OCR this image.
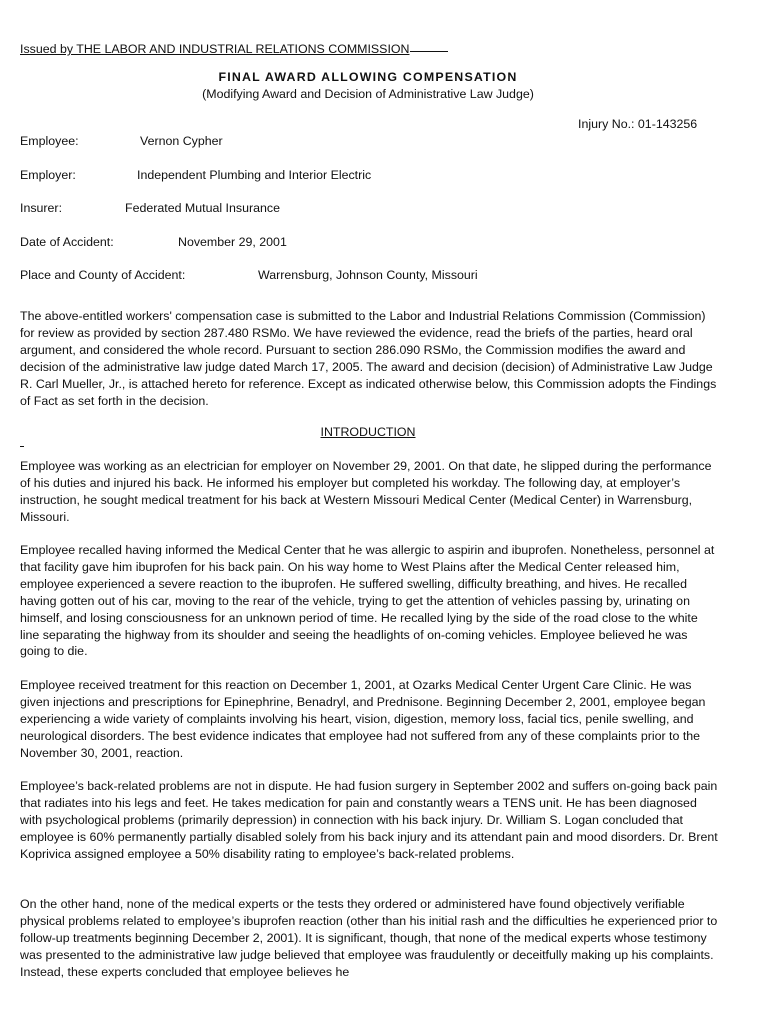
Issued by THE LABOR AND INDUSTRIAL RELATIONS COMMISSION
FINAL AWARD ALLOWING COMPENSATION
(Modifying Award and Decision of Administrative Law Judge)
Injury No.: 01-143256
Employee:	Vernon Cypher
Employer:	Independent Plumbing and Interior Electric
Insurer:	Federated Mutual Insurance
Date of Accident:	November 29, 2001
Place and County of Accident:	Warrensburg, Johnson County, Missouri

The above-entitled workers' compensation case is submitted to the Labor and Industrial Relations Commission (Commission) for review as provided by section 287.480 RSMo. We have reviewed the evidence, read the briefs of the parties, heard oral argument, and considered the whole record. Pursuant to section 286.090 RSMo, the Commission modifies the award and decision of the administrative law judge dated March 17, 2005. The award and decision (decision) of Administrative Law Judge R. Carl Mueller, Jr., is attached hereto for reference. Except as indicated otherwise below, this Commission adopts the Findings of Fact as set forth in the decision.

INTRODUCTION

Employee was working as an electrician for employer on November 29, 2001. On that date, he slipped during the performance of his duties and injured his back. He informed his employer but completed his workday. The following day, at employer’s instruction, he sought medical treatment for his back at Western Missouri Medical Center (Medical Center) in Warrensburg, Missouri.

Employee recalled having informed the Medical Center that he was allergic to aspirin and ibuprofen. Nonetheless, personnel at that facility gave him ibuprofen for his back pain. On his way home to West Plains after the Medical Center released him, employee experienced a severe reaction to the ibuprofen. He suffered swelling, difficulty breathing, and hives. He recalled having gotten out of his car, moving to the rear of the vehicle, trying to get the attention of vehicles passing by, urinating on himself, and losing consciousness for an unknown period of time. He recalled lying by the side of the road close to the white line separating the highway from its shoulder and seeing the headlights of on-coming vehicles. Employee believed he was going to die.

Employee received treatment for this reaction on December 1, 2001, at Ozarks Medical Center Urgent Care Clinic. He was given injections and prescriptions for Epinephrine, Benadryl, and Prednisone. Beginning December 2, 2001, employee began experiencing a wide variety of complaints involving his heart, vision, digestion, memory loss, facial tics, penile swelling, and neurological disorders. The best evidence indicates that employee had not suffered from any of these complaints prior to the November 30, 2001, reaction.

Employee’s back-related problems are not in dispute. He had fusion surgery in September 2002 and suffers on-going back pain that radiates into his legs and feet. He takes medication for pain and constantly wears a TENS unit. He has been diagnosed with psychological problems (primarily depression) in connection with his back injury. Dr. William S. Logan concluded that employee is 60% permanently partially disabled solely from his back injury and its attendant pain and mood disorders. Dr. Brent Koprivica assigned employee a 50% disability rating to employee’s back-related problems.

On the other hand, none of the medical experts or the tests they ordered or administered have found objectively verifiable physical problems related to employee’s ibuprofen reaction (other than his initial rash and the difficulties he experienced prior to follow-up treatments beginning December 2, 2001). It is significant, though, that none of the medical experts whose testimony was presented to the administrative law judge believed that employee was fraudulently or deceitfully making up his complaints. Instead, these experts concluded that employee believes he
